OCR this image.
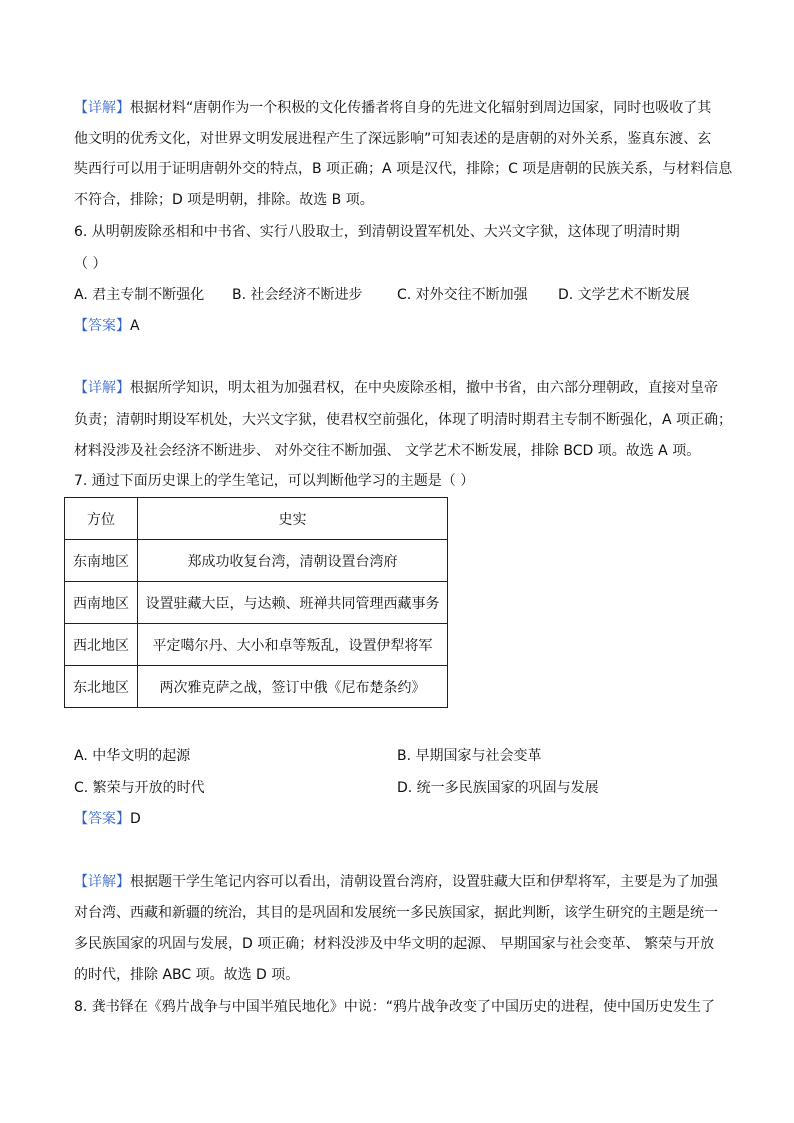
【详解】根据材料“唐朝作为一个积极的文化传播者将自身的先进文化辐射到周边国家，同时也吸收了其
他文明的优秀文化，对世界文明发展进程产生了深远影响”可知表述的是唐朝的对外关系，鉴真东渡、玄
奘西行可以用于证明唐朝外交的特点，B 项正确；A 项是汉代，排除；C 项是唐朝的民族关系，与材料信息
不符合，排除；D 项是明朝，排除。故选 B 项。
6. 从明朝废除丞相和中书省、实行八股取士，到清朝设置军机处、大兴文字狱，这体现了明清时期
（ ）
A. 君主专制不断强化 B. 社会经济不断进步 C. 对外交往不断加强 D. 文学艺术不断发展
【答案】A
【详解】根据所学知识，明太祖为加强君权，在中央废除丞相，撤中书省，由六部分理朝政，直接对皇帝
负责；清朝时期设军机处，大兴文字狱，使君权空前强化，体现了明清时期君主专制不断强化，A 项正确；
材料没涉及社会经济不断进步、 对外交往不断加强、 文学艺术不断发展，排除 BCD 项。故选 A 项。
7. 通过下面历史课上的学生笔记，可以判断他学习的主题是（ ）
方位	史实
东南地区	郑成功收复台湾，清朝设置台湾府
西南地区	设置驻藏大臣，与达赖、班禅共同管理西藏事务
西北地区	平定噶尔丹、大小和卓等叛乱，设置伊犁将军
东北地区	两次雅克萨之战，签订中俄《尼布楚条约》
A. 中华文明的起源	B. 早期国家与社会变革
C. 繁荣与开放的时代	D. 统一多民族国家的巩固与发展
【答案】D
【详解】根据题干学生笔记内容可以看出，清朝设置台湾府，设置驻藏大臣和伊犁将军，主要是为了加强
对台湾、西藏和新疆的统治，其目的是巩固和发展统一多民族国家，据此判断，该学生研究的主题是统一
多民族国家的巩固与发展，D 项正确；材料没涉及中华文明的起源、 早期国家与社会变革、 繁荣与开放
的时代，排除 ABC 项。故选 D 项。
8. 龚书铎在《鸦片战争与中国半殖民地化》中说：“鸦片战争改变了中国历史的进程，使中国历史发生了
